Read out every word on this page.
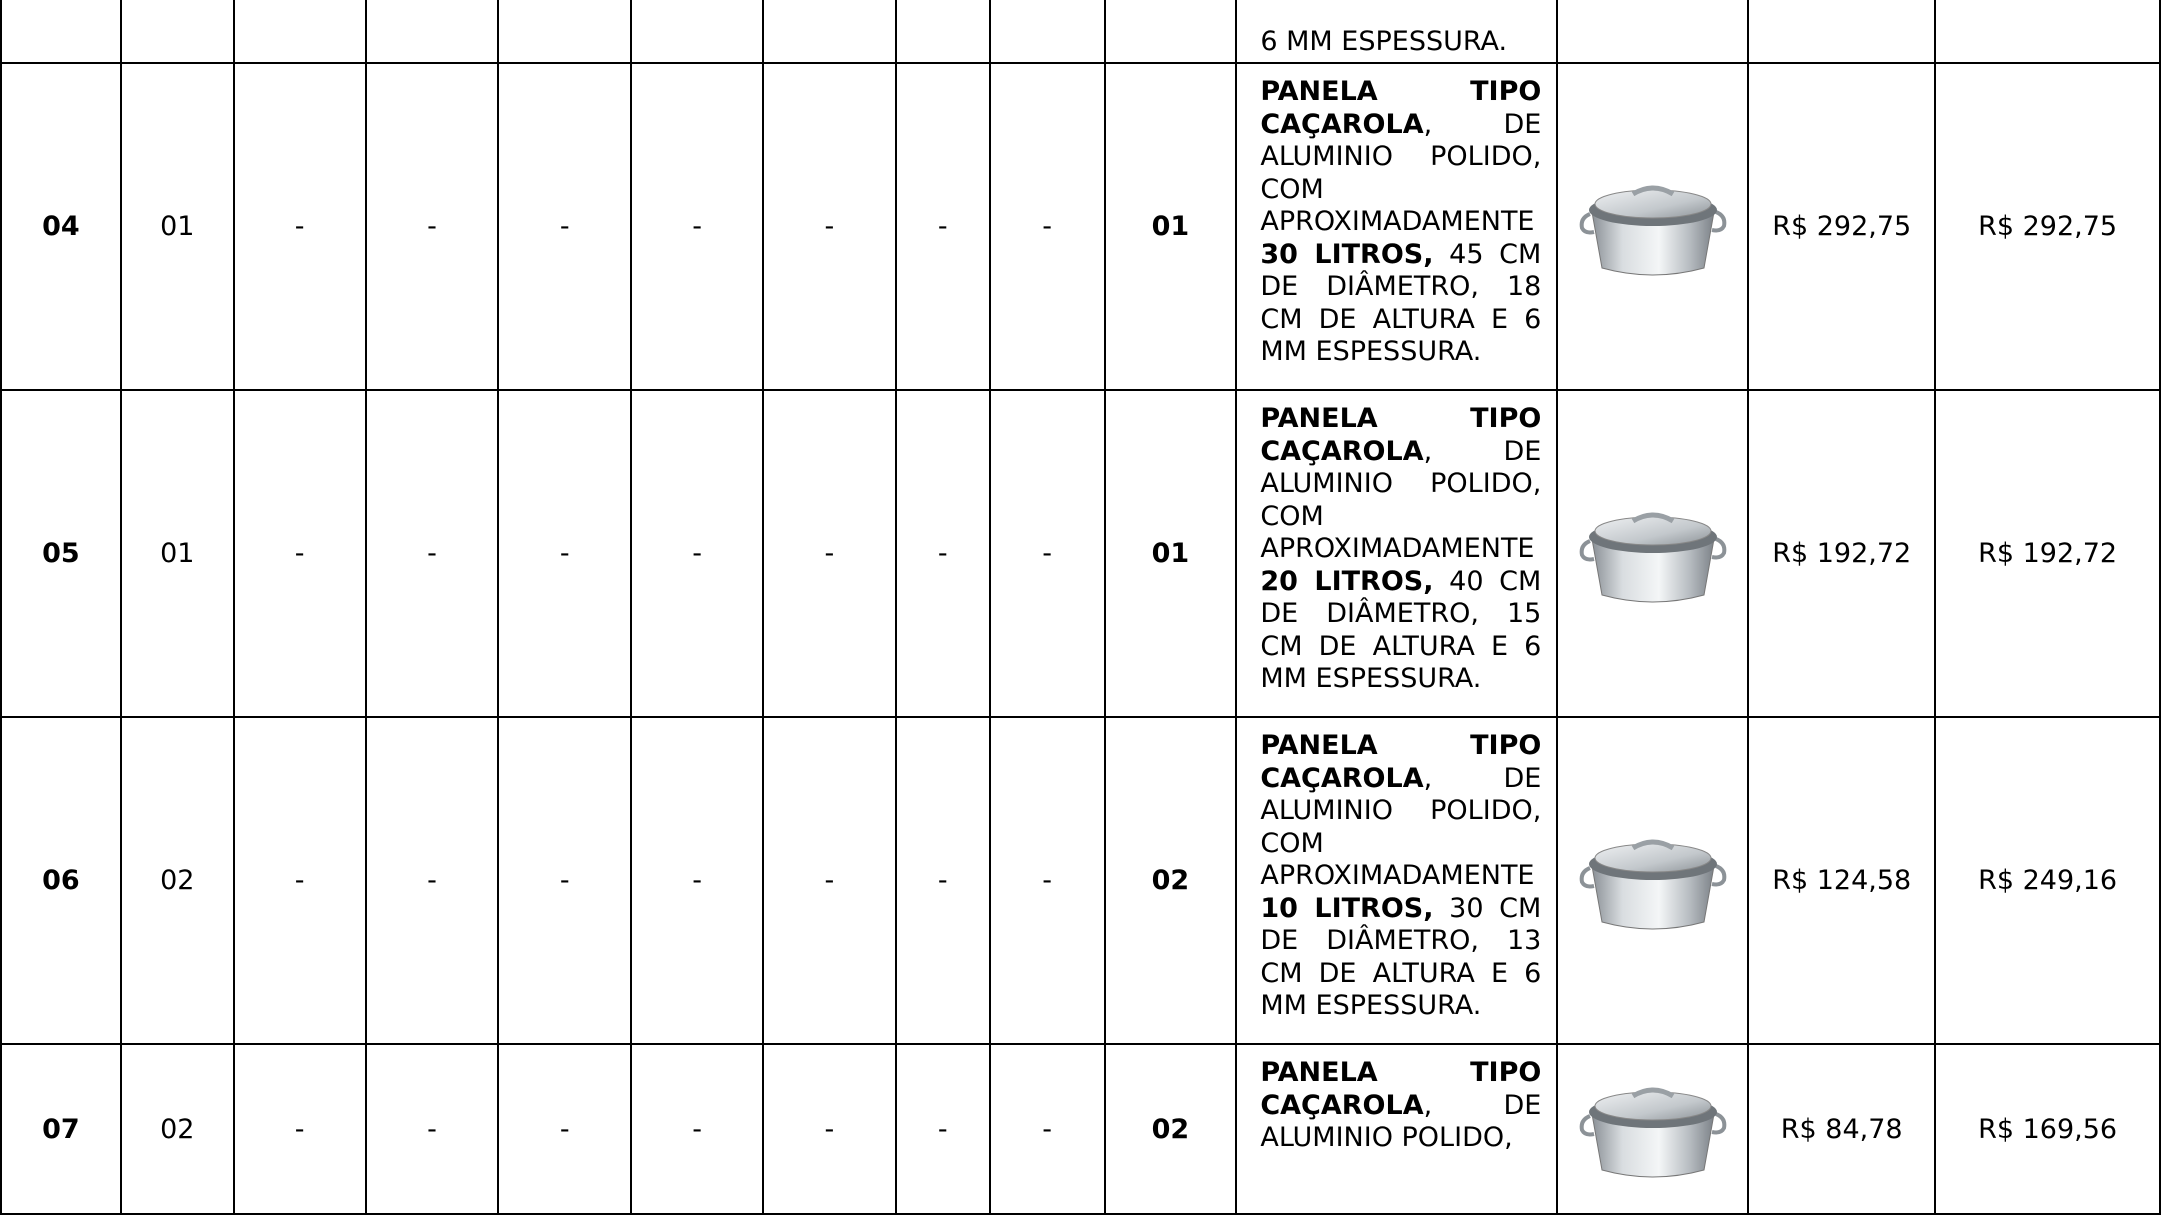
										6 MM ESPESSURA.			
04	01	-	-	-	-	-	-	-	01	PANELA TIPO CAÇAROLA, DE ALUMINIO POLIDO, COM APROXIMADAMENTE 30 LITROS, 45 CM DE DIÂMETRO, 18 CM DE ALTURA E 6 MM ESPESSURA.		R$ 292,75	R$ 292,75
05	01	-	-	-	-	-	-	-	01	PANELA TIPO CAÇAROLA, DE ALUMINIO POLIDO, COM APROXIMADAMENTE 20 LITROS, 40 CM DE DIÂMETRO, 15 CM DE ALTURA E 6 MM ESPESSURA.		R$ 192,72	R$ 192,72
06	02	-	-	-	-	-	-	-	02	PANELA TIPO CAÇAROLA, DE ALUMINIO POLIDO, COM APROXIMADAMENTE 10 LITROS, 30 CM DE DIÂMETRO, 13 CM DE ALTURA E 6 MM ESPESSURA.		R$ 124,58	R$ 249,16
07	02	-	-	-	-	-	-	-	02	PANELA TIPO CAÇAROLA, DE ALUMINIO POLIDO,		R$ 84,78	R$ 169,56
